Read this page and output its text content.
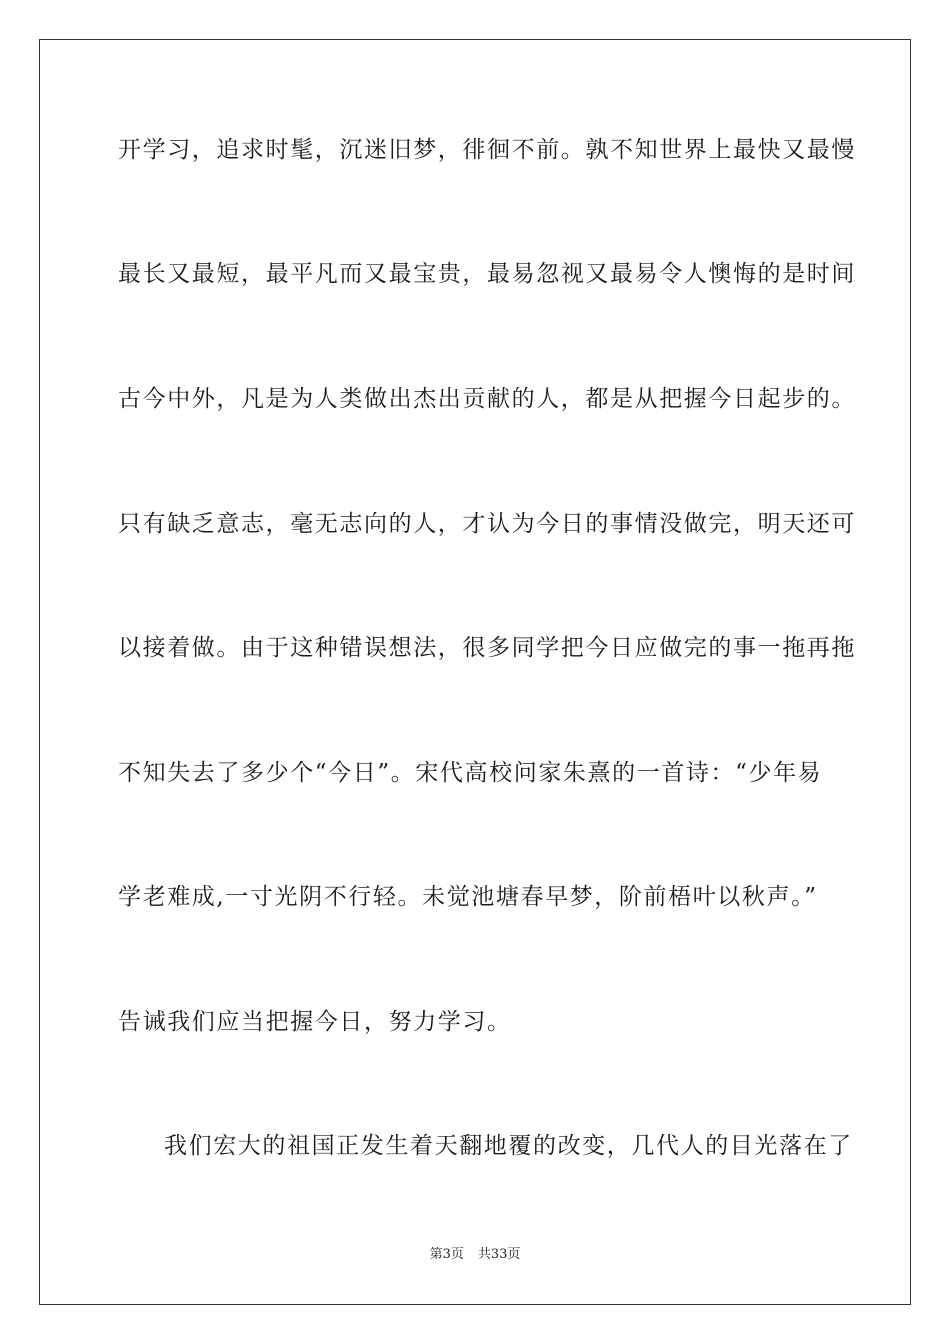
开学习，追求时髦，沉迷旧梦，徘徊不前。孰不知世界上最快又最慢
最长又最短，最平凡而又最宝贵，最易忽视又最易令人懊悔的是时间
古今中外，凡是为人类做出杰出贡献的人，都是从把握今日起步的。
只有缺乏意志，毫无志向的人，才认为今日的事情没做完，明天还可
以接着做。由于这种错误想法，很多同学把今日应做完的事一拖再拖
不知失去了多少个“今日”。宋代高校问家朱熹的一首诗：“少年易
学老难成,一寸光阴不行轻。未觉池塘春早梦，阶前梧叶以秋声。”
告诫我们应当把握今日，努力学习。
我们宏大的祖国正发生着天翻地覆的改变，几代人的目光落在了
第3页 共33页
